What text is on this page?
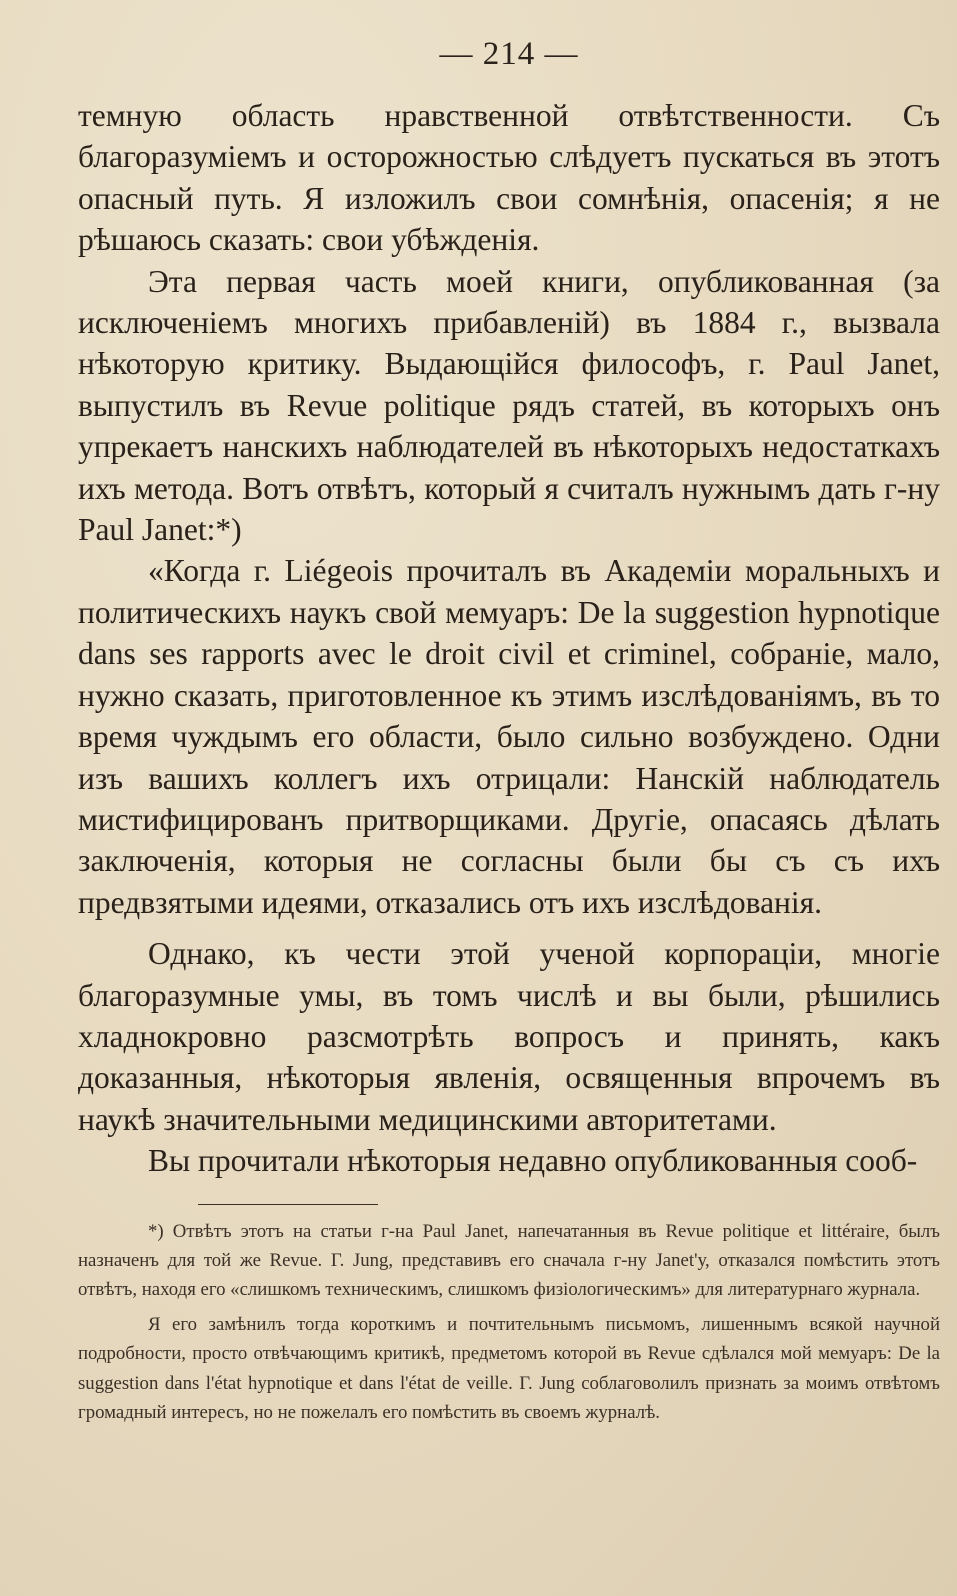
— 214 —

темную область нравственной отвѣтственности. Съ благоразуміемъ и осторожностью слѣдуетъ пускаться въ этотъ опасный путь. Я изложилъ свои сомнѣнія, опасенія; я не рѣшаюсь сказать: свои убѣжденія.

Эта первая часть моей книги, опубликованная (за исключеніемъ многихъ прибавленій) въ 1884 г., вызвала нѣкоторую критику. Выдающійся философъ, г. Paul Janet, выпустилъ въ Revue politique рядъ статей, въ которыхъ онъ упрекаетъ нанскихъ наблюдателей въ нѣкоторыхъ недостаткахъ ихъ метода. Вотъ отвѣтъ, который я считалъ нужнымъ дать г-ну Paul Janet:*)

«Когда г. Liégeois прочиталъ въ Академіи моральныхъ и политическихъ наукъ свой мемуаръ: De la suggestion hypnotique dans ses rapports avec le droit civil et criminel, собраніе, мало, нужно сказать, приготовленное къ этимъ изслѣдованіямъ, въ то время чуждымъ его области, было сильно возбуждено. Одни изъ вашихъ коллегъ ихъ отрицали: Нанскій наблюдатель мистифицированъ притворщиками. Другіе, опасаясь дѣлать заключенія, которыя не согласны были бы съ съ ихъ предвзятыми идеями, отказались отъ ихъ изслѣдованія.

Однако, къ чести этой ученой корпораціи, многіе благоразумные умы, въ томъ числѣ и вы были, рѣшились хладнокровно разсмотрѣть вопросъ и принять, какъ доказанныя, нѣкоторыя явленія, освященныя впрочемъ въ наукѣ значительными медицинскими авторитетами.

Вы прочитали нѣкоторыя недавно опубликованныя сооб-

*) Отвѣтъ этотъ на статьи г-на Paul Janet, напечатанныя въ Revue politique et littéraire, былъ назначенъ для той же Revue. Г. Jung, представивъ его сначала г-ну Janet'у, отказался помѣстить этотъ отвѣтъ, находя его «слишкомъ техническимъ, слишкомъ физіологическимъ» для литературнаго журнала.

Я его замѣнилъ тогда короткимъ и почтительнымъ письмомъ, лишеннымъ всякой научной подробности, просто отвѣчающимъ критикѣ, предметомъ которой въ Revue сдѣлался мой мемуаръ: De la suggestion dans l'état hypnotique et dans l'état de veille. Г. Jung соблаговолилъ признать за моимъ отвѣтомъ громадный интересъ, но не пожелалъ его помѣстить въ своемъ журналѣ.
